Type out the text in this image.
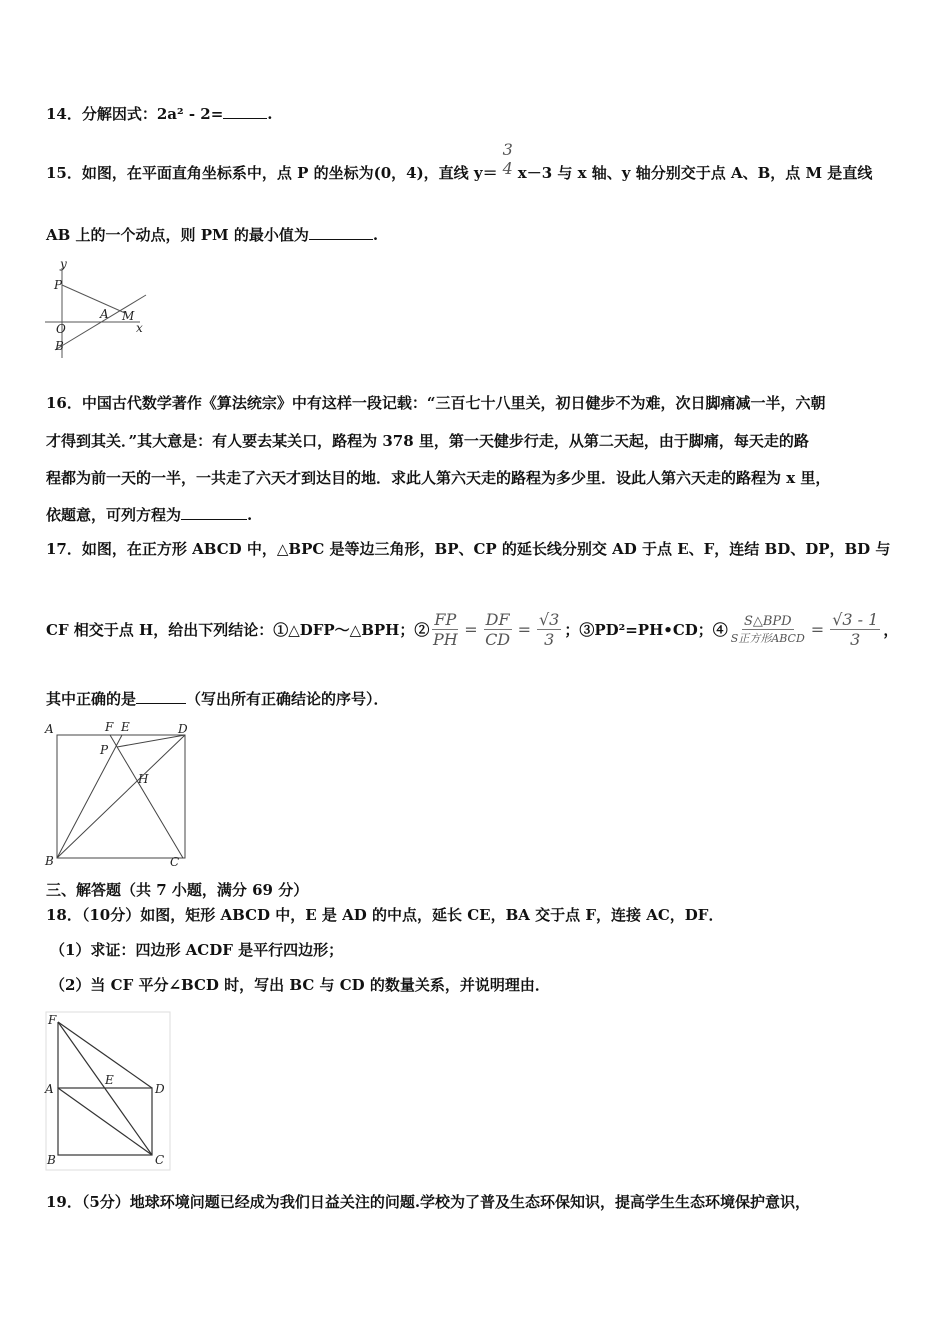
14．分解因式：2a² - 2=	.
15．如图，在平面直角坐标系中，点 P 的坐标为(0，4)，直线 y＝
3
4 x－3 与 x 轴、y 轴分别交于点 A、B，点 M 是直线
AB 上的一个动点，则 PM 的最小值为	.
y
P
A M
O	x
B
16．中国古代数学著作《算法统宗》中有这样一段记载：“三百七十八里关，初日健步不为难，次日脚痛减一半，六朝
才得到其关．”其大意是：有人要去某关口，路程为 378 里，第一天健步行走，从第二天起，由于脚痛，每天走的路
程都为前一天的一半，一共走了六天才到达目的地．求此人第六天走的路程为多少里．设此人第六天走的路程为 x 里，
依题意，可列方程为	.
17．如图，在正方形 ABCD 中，△BPC 是等边三角形，BP、CP 的延长线分别交 AD 于点 E、F，连结 BD、DP，BD 与
CF 相交于点 H，给出下列结论：①△DFP～△BPH；② $\frac{FP}{PH} = \frac{DF}{CD} = \frac{√3}{3}$ ；③PD²=PH•CD；④ $\frac{\text{S△BPD}}{\text{S正方形ABCD}} = \frac{√3 - 1}{3}$ ，
其中正确的是	（写出所有正确结论的序号）．
A	F E	D
P
H
B	C
三、解答题（共 7 小题，满分 69 分）
18．（10分）如图，矩形 ABCD 中，E 是 AD 的中点，延长 CE，BA 交于点 F，连接 AC，DF．
（1）求证：四边形 ACDF 是平行四边形；
（2）当 CF 平分∠BCD 时，写出 BC 与 CD 的数量关系，并说明理由．
F
A
E
D
B	C
19．（5分）地球环境问题已经成为我们日益关注的问题.学校为了普及生态环保知识，提高学生生态环境保护意识，
